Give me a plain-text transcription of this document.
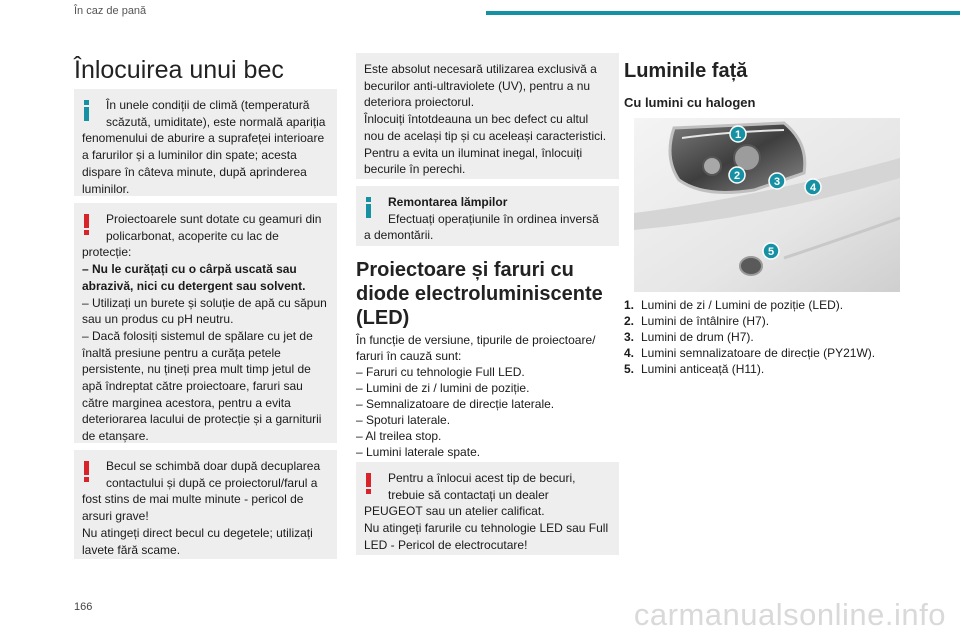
În caz de pană
Înlocuirea unui bec

În unele condiții de climă (temperatură

scăzută, umiditate), este normală apariția

fenomenului de aburire a suprafeței interioare a farurilor și a luminilor din spate; acesta dispare în câteva minute, după aprinderea luminilor.

Proiectoarele sunt dotate cu geamuri din

policarbonat, acoperite cu lac de

protecție:

– Nu le curățați cu o cârpă uscată sau abrazivă, nici cu detergent sau solvent.

– Utilizați un burete și soluție de apă cu săpun sau un produs cu pH neutru.

– Dacă folosiți sistemul de spălare cu jet de înaltă presiune pentru a curăța petele persistente, nu țineți prea mult timp jetul de apă îndreptat către proiectoare, faruri sau către marginea acestora, pentru a evita deteriorarea lacului de protecție și a garniturii de etanșare.

Becul se schimbă doar după decuplarea

contactului și după ce proiectorul/farul a

fost stins de mai multe minute - pericol de arsuri grave!

Nu atingeți direct becul cu degetele; utilizați lavete fără scame.

Este absolut necesară utilizarea exclusivă a becurilor anti-ultraviolete (UV), pentru a nu deteriora proiectorul.

Înlocuiți întotdeauna un bec defect cu altul nou de același tip și cu aceleași caracteristici. Pentru a evita un iluminat inegal, înlocuiți becurile în perechi.

Remontarea lămpilor

Efectuați operațiunile în ordinea inversă

a demontării.

Proiectoare și faruri cu diode electroluminiscente (LED)
În funcție de versiune, tipurile de proiectoare/ faruri în cauză sunt:
– Faruri cu tehnologie Full LED.
– Lumini de zi / lumini de poziție.
– Semnalizatoare de direcție laterale.
– Spoturi laterale.
– Al treilea stop.
– Lumini laterale spate.

Pentru a înlocui acest tip de becuri,

trebuie să contactați un dealer

PEUGEOT sau un atelier calificat.

Nu atingeți farurile cu tehnologie LED sau Full LED - Pericol de electrocutare!

Luminile față
Cu lumini cu halogen
1
2	3	4
5
1. Lumini de zi / Lumini de poziție (LED).
2. Lumini de întâlnire (H7).
3. Lumini de drum (H7).
4. Lumini semnalizatoare de direcție (PY21W).
5. Lumini anticeață (H11).
166	carmanualsonline.info
